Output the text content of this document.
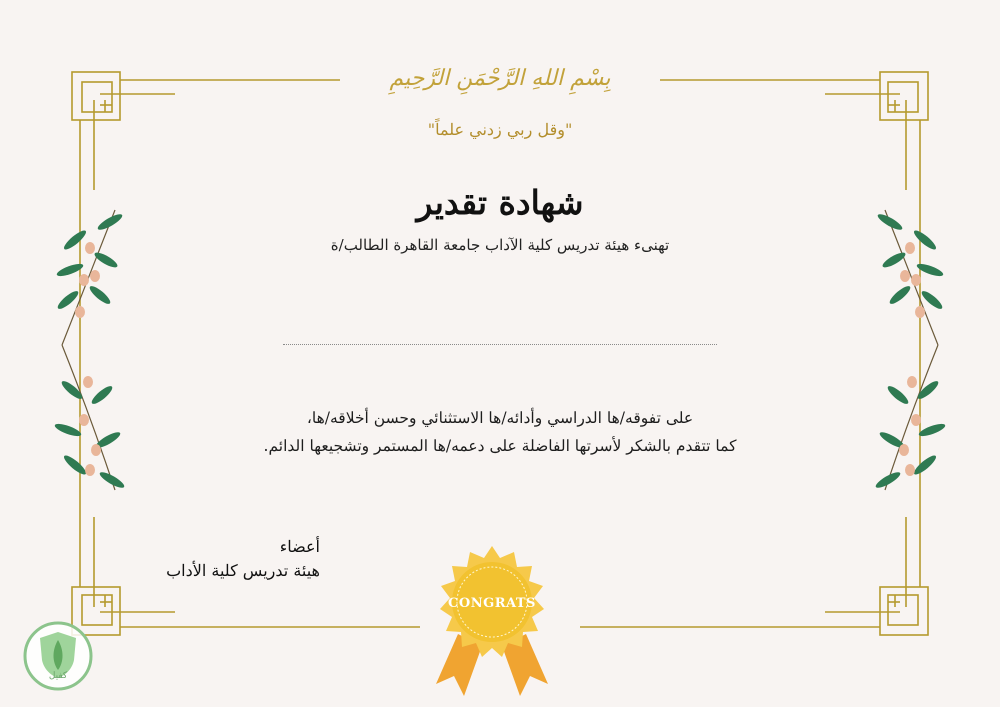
بِسْمِ اللهِ الرَّحْمَنِ الرَّحِيمِ
"وقل ربي زدني علماً"
شهادة تقدير
تهنىء هيئة تدريس كلية الآداب جامعة القاهرة الطالب/ة
على تفوقه/ها الدراسي وأدائه/ها الاستثنائي وحسن أخلاقه/ها،
كما تتقدم بالشكر لأسرتها الفاضلة على دعمه/ها المستمر وتشجيعها الدائم.
أعضاء
هيئة تدريس كلية الأداب
CONGRATS
كفيل
